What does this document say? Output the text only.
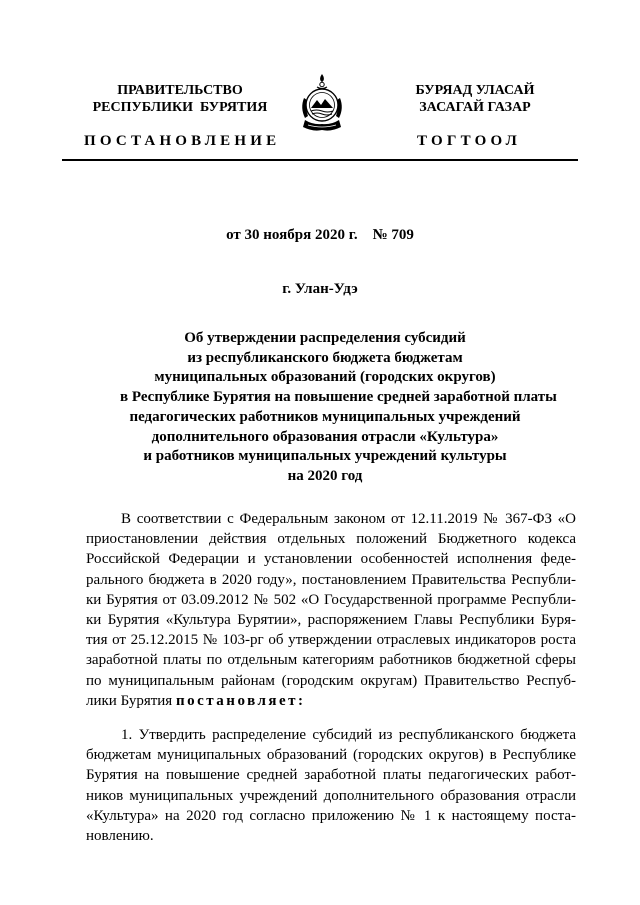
ПРАВИТЕЛЬСТВО
РЕСПУБЛИКИ  БУРЯТИЯ
БУРЯАД УЛАСАЙ
ЗАСАГАЙ ГАЗАР
ПОСТАНОВЛЕНИЕ	ТОГТООЛ
от 30 ноября 2020 г.    № 709
г. Улан-Удэ
Об утверждении распределения субсидий
из республиканского бюджета бюджетам
муниципальных образований (городских округов)
в Республике Бурятия на повышение средней заработной платы
педагогических работников муниципальных учреждений
дополнительного образования отрасли «Культура»
и работников муниципальных учреждений культуры
на 2020 год
В соответствии с Федеральным законом от 12.11.2019 № 367-ФЗ «О
приостановлении действия отдельных положений Бюджетного кодекса
Российской Федерации и установлении особенностей исполнения феде-
рального бюджета в 2020 году», постановлением Правительства Республи-
ки Бурятия от 03.09.2012 № 502 «О Государственной программе Республи-
ки Бурятия «Культура Бурятии», распоряжением Главы Республики Буря-
тия от 25.12.2015 № 103-рг об утверждении отраслевых индикаторов роста
заработной платы по отдельным категориям работников бюджетной сферы
по муниципальным районам (городским округам) Правительство Респуб-
лики Бурятия постановляет:
1. Утвердить распределение субсидий из республиканского бюджета
бюджетам муниципальных образований (городских округов) в Республике
Бурятия на повышение средней заработной платы педагогических работ-
ников муниципальных учреждений дополнительного образования отрасли
«Культура» на 2020 год согласно приложению № 1 к настоящему поста-
новлению.
